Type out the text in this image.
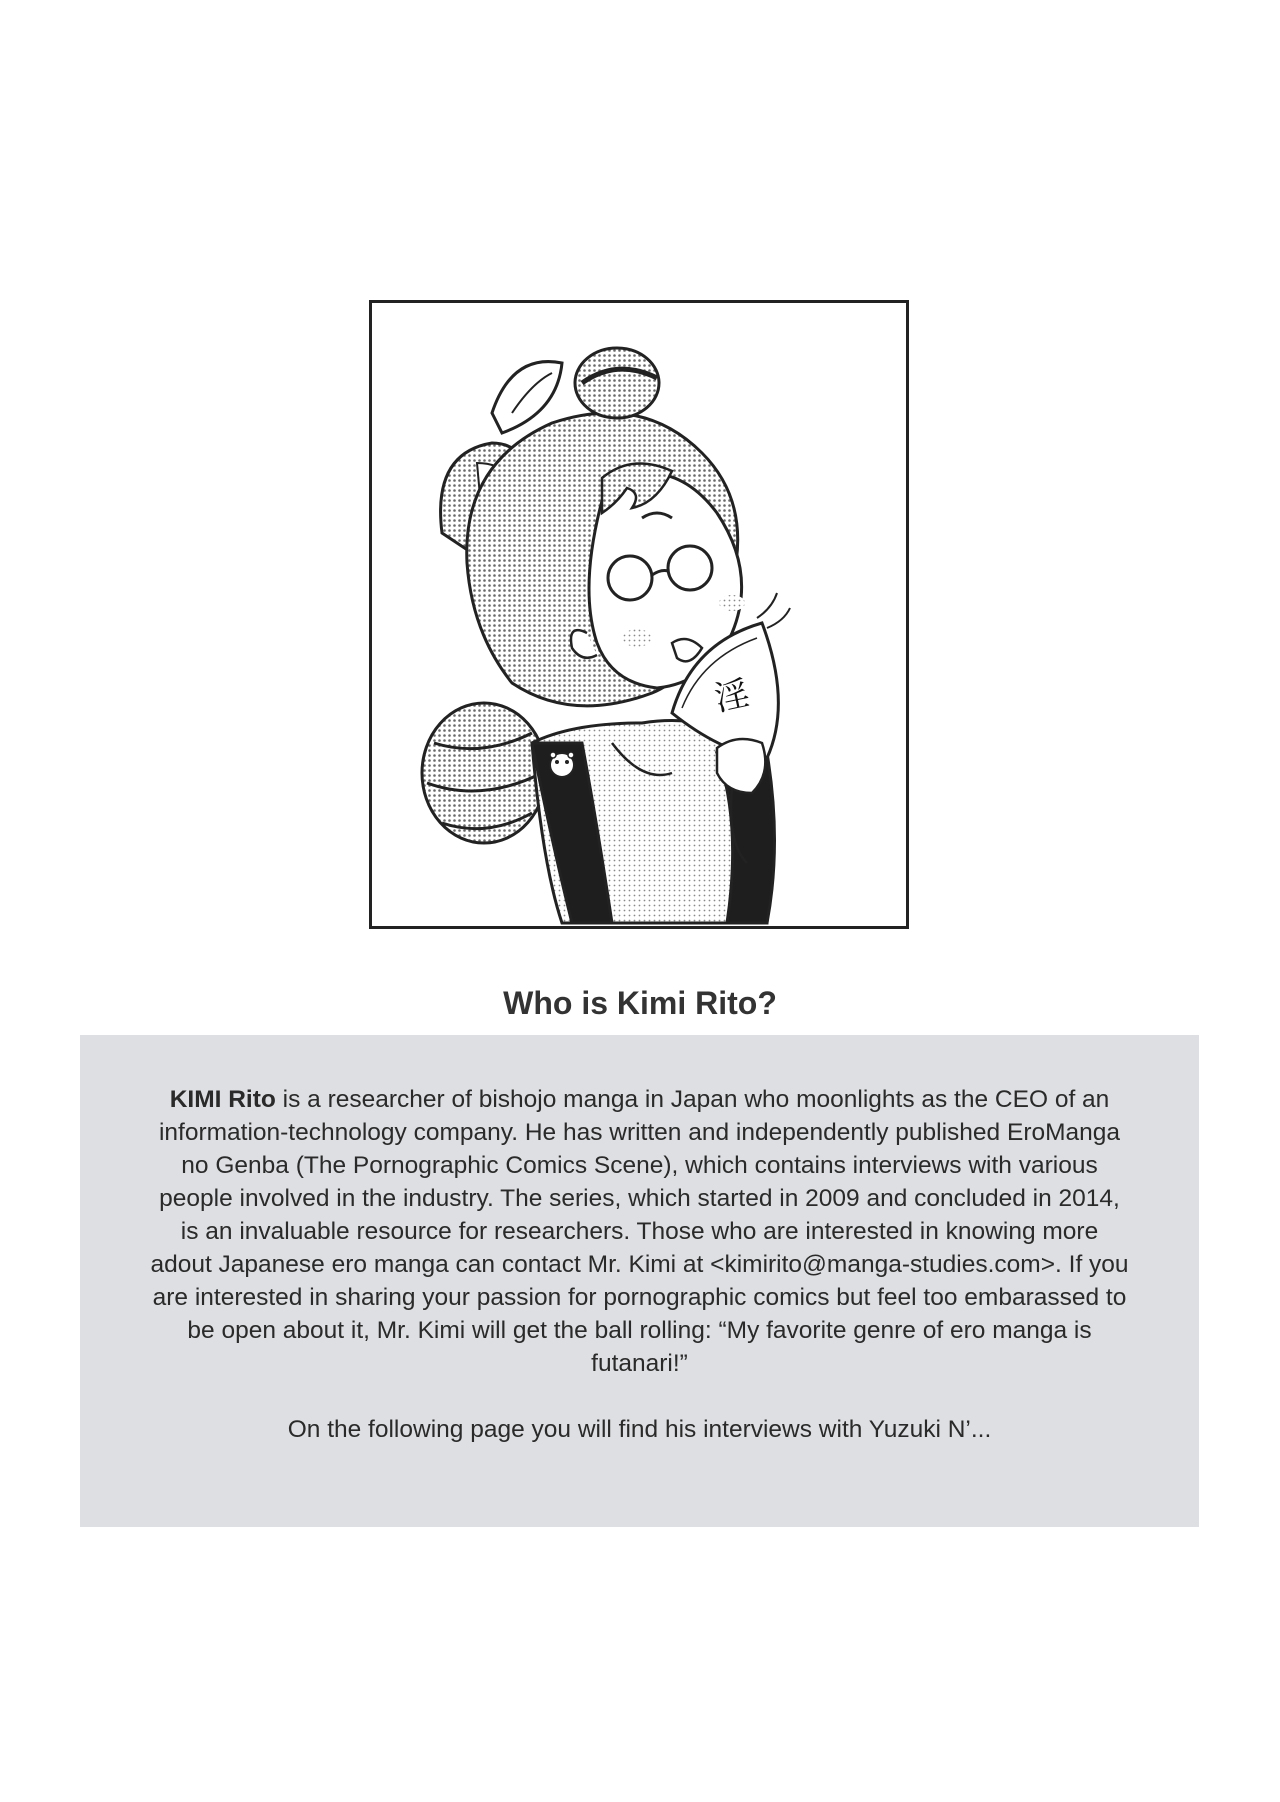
淫
Who is Kimi Rito?

KIMI Rito is a researcher of bishojo manga in Japan who moonlights as the CEO of an information-technology company. He has written and independently published EroManga no Genba (The Pornographic Comics Scene), which contains interviews with various people involved in the industry. The series, which started in 2009 and concluded in 2014, is an invaluable resource for researchers. Those who are interested in knowing more adout Japanese ero manga can contact Mr. Kimi at <kimirito@manga-studies.com>. If you are interested in sharing your passion for pornographic comics but feel too embarassed to be open about it, Mr. Kimi will get the ball rolling: “My favorite genre of ero manga is futanari!”

On the following page you will find his interviews with Yuzuki N’...
